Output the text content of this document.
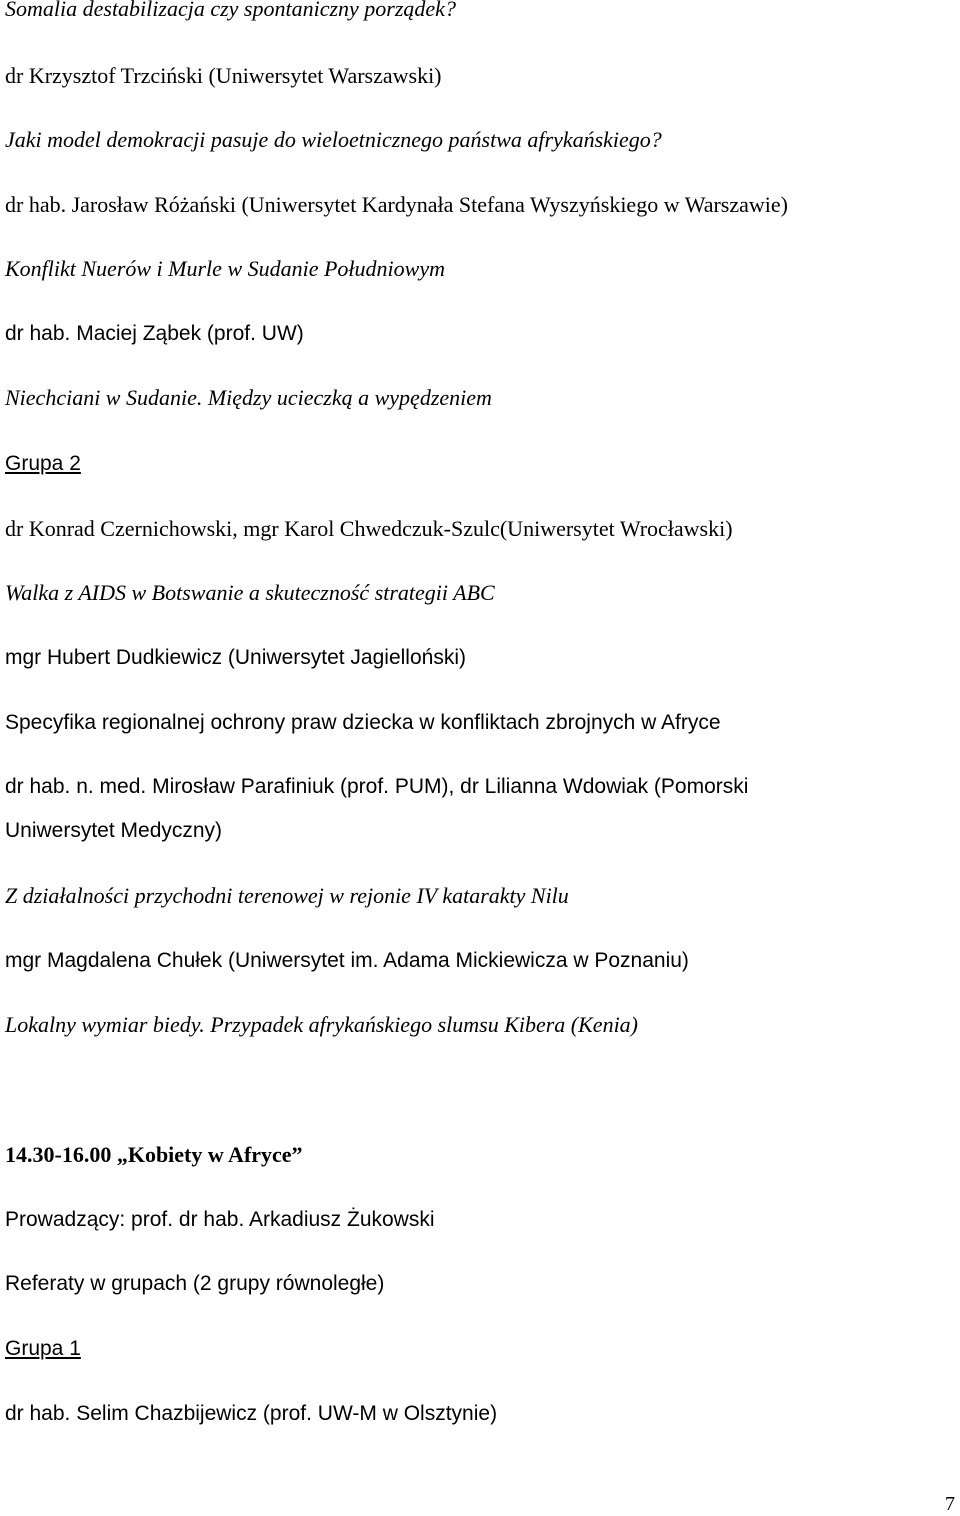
Somalia destabilizacja czy spontaniczny porządek?

dr Krzysztof Trzciński (Uniwersytet Warszawski)

Jaki model demokracji pasuje do wieloetnicznego państwa afrykańskiego?

dr hab. Jarosław Różański (Uniwersytet Kardynała Stefana Wyszyńskiego w Warszawie)

Konflikt Nuerów i Murle w Sudanie Południowym

dr hab. Maciej Ząbek (prof. UW)

Niechciani w Sudanie. Między ucieczką a wypędzeniem

Grupa 2

dr Konrad Czernichowski, mgr Karol Chwedczuk-Szulc(Uniwersytet Wrocławski)

Walka z AIDS w Botswanie a skuteczność strategii ABC

mgr Hubert Dudkiewicz (Uniwersytet Jagielloński)

Specyfika regionalnej ochrony praw dziecka w konfliktach zbrojnych w Afryce

dr hab. n. med. Mirosław Parafiniuk (prof. PUM), dr Lilianna Wdowiak (Pomorski

Uniwersytet Medyczny)

Z działalności przychodni terenowej w rejonie IV katarakty Nilu

mgr Magdalena Chułek (Uniwersytet im. Adama Mickiewicza w Poznaniu)

Lokalny wymiar biedy. Przypadek afrykańskiego slumsu Kibera (Kenia)

14.30-16.00 „Kobiety w Afryce”

Prowadzący: prof. dr hab. Arkadiusz Żukowski

Referaty w grupach (2 grupy równoległe)

Grupa 1

dr hab. Selim Chazbijewicz (prof. UW-M w Olsztynie)

7
